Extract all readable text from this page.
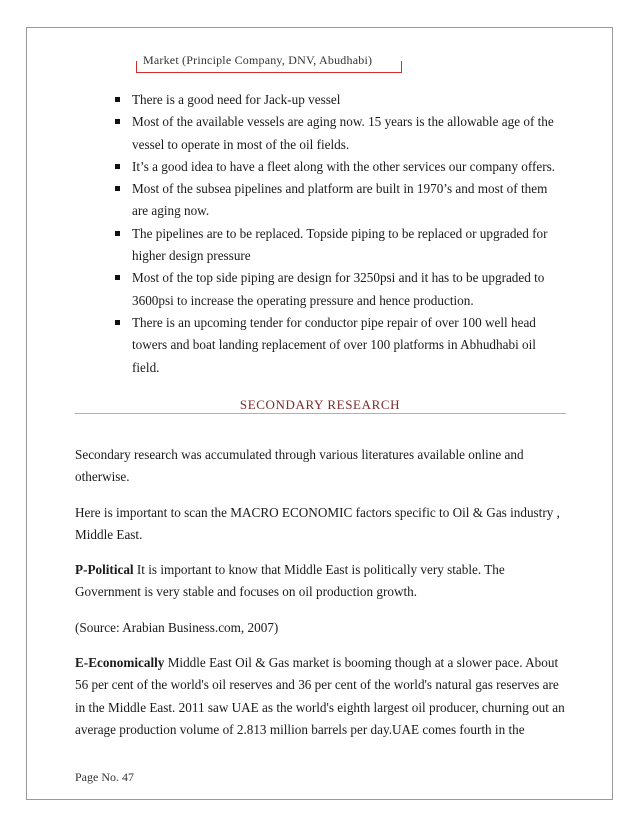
Market (Principle Company, DNV, Abudhabi)
There is a good need for Jack-up vessel
Most of the available vessels are aging now. 15 years is the allowable age of the vessel to operate in most of the oil fields.
It’s a good idea to have a fleet along with the other services our company offers.
Most of the subsea pipelines and platform are built in 1970’s and most of them are aging now.
The pipelines are to be replaced. Topside piping to be replaced or upgraded for higher design pressure
Most of the top side piping are design for 3250psi and it has to be upgraded to 3600psi to increase the operating pressure and hence production.
There is an upcoming tender for conductor pipe repair of over 100 well head towers and boat landing replacement of over 100 platforms in Abhudhabi oil field.
SECONDARY RESEARCH

Secondary research was accumulated through various literatures available online and otherwise.

Here is important to scan the MACRO ECONOMIC factors specific to Oil & Gas industry , Middle East.

P-Political It is important to know that Middle East is politically very stable. The Government is very stable and focuses on oil production growth.

(Source: Arabian Business.com, 2007)

E-Economically Middle East Oil & Gas market is booming though at a slower pace. About 56 per cent of the world's oil reserves and 36 per cent of the world's natural gas reserves are in the Middle East. 2011 saw UAE as the world's eighth largest oil producer, churning out an average production volume of 2.813 million barrels per day.UAE comes fourth in the

Page No. 47
